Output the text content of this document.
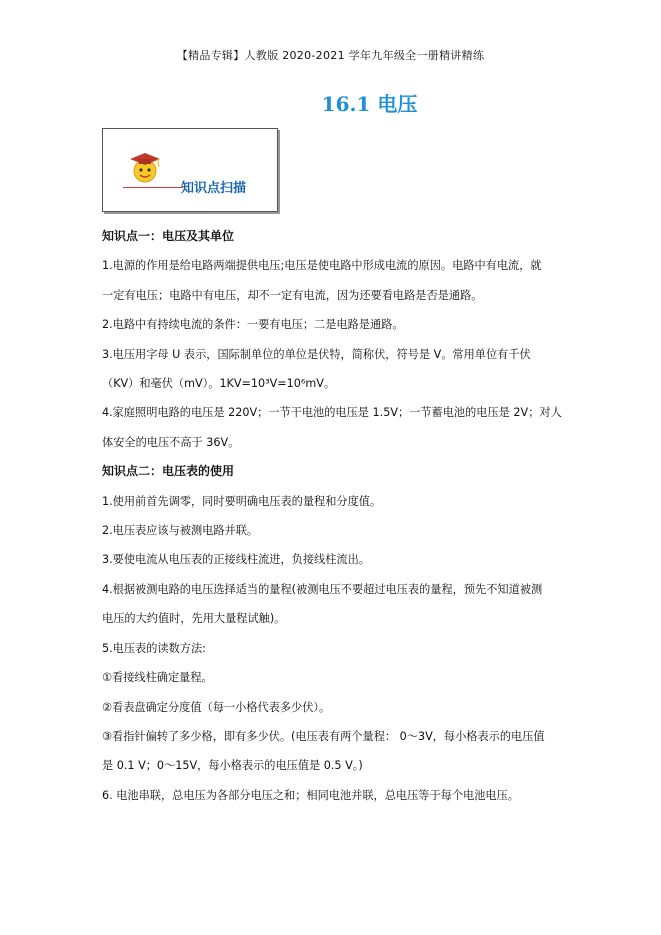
【精品专辑】人教版 2020-2021 学年九年级全一册精讲精练
16.1 电压
知识点扫描

知识点一：电压及其单位

1.电源的作用是给电路两端提供电压;电压是使电路中形成电流的原因。电路中有电流，就

一定有电压；电路中有电压，却不一定有电流，因为还要看电路是否是通路。

2.电路中有持续电流的条件：一要有电压；二是电路是通路。

3.电压用字母 U 表示，国际制单位的单位是伏特，简称伏，符号是 V。常用单位有千伏

（KV）和毫伏（mV）。1KV=10³V=10⁶mV。

4.家庭照明电路的电压是 220V；一节干电池的电压是 1.5V；一节蓄电池的电压是 2V；对人

体安全的电压不高于 36V。

知识点二：电压表的使用

1.使用前首先调零，同时要明确电压表的量程和分度值。

2.电压表应该与被测电路并联。

3.要使电流从电压表的正接线柱流进，负接线柱流出。

4.根据被测电路的电压选择适当的量程(被测电压不要超过电压表的量程，预先不知道被测

电压的大约值时，先用大量程试触)。

5.电压表的读数方法:

①看接线柱确定量程。

②看表盘确定分度值（每一小格代表多少伏）。

③看指针偏转了多少格，即有多少伏。(电压表有两个量程： 0～3V，每小格表示的电压值

是 0.1 V；0～15V，每小格表示的电压值是 0.5 V。)

6. 电池串联，总电压为各部分电压之和；相同电池并联，总电压等于每个电池电压。
